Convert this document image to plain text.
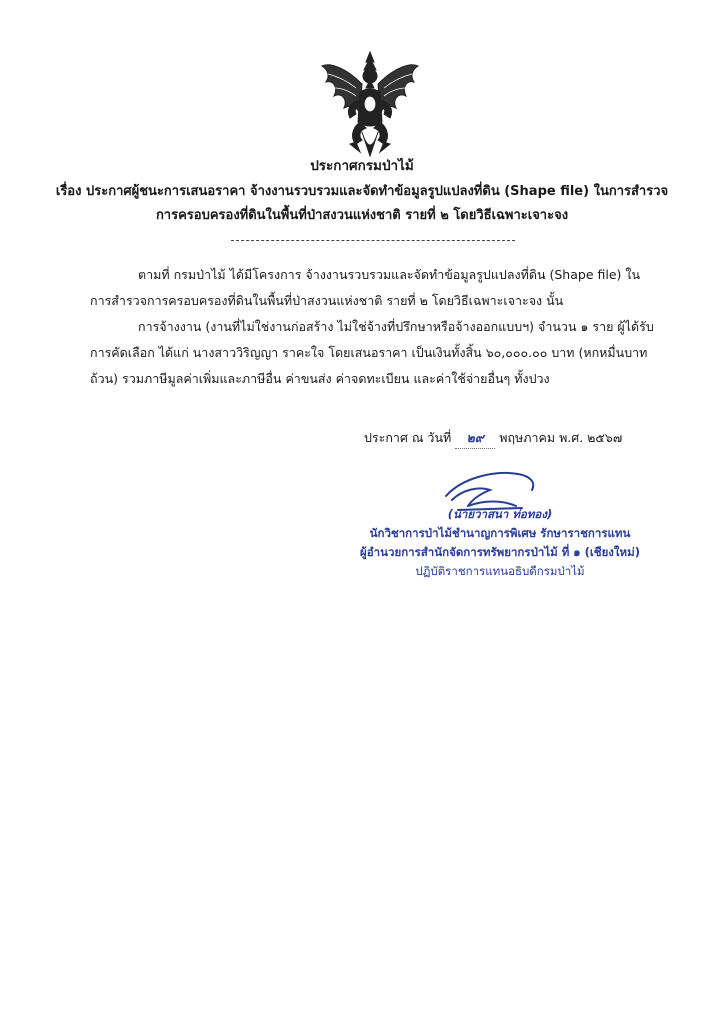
ประกาศกรมป่าไม้
เรื่อง ประกาศผู้ชนะการเสนอราคา จ้างงานรวบรวมและจัดทำข้อมูลรูปแปลงที่ดิน (Shape file) ในการสำรวจ
การครอบครองที่ดินในพื้นที่ป่าสงวนแห่งชาติ รายที่ ๒ โดยวิธีเฉพาะเจาะจง
ตามที่ กรมป่าไม้ ได้มีโครงการ จ้างงานรวบรวมและจัดทำข้อมูลรูปแปลงที่ดิน (Shape file) ในการสำรวจการครอบครองที่ดินในพื้นที่ป่าสงวนแห่งชาติ รายที่ ๒ โดยวิธีเฉพาะเจาะจง นั้น
การจ้างงาน (งานที่ไม่ใช่งานก่อสร้าง ไม่ใช่จ้างที่ปรึกษาหรือจ้างออกแบบฯ) จำนวน ๑ ราย ผู้ได้รับการคัดเลือก ได้แก่ นางสาววิริญญา ราคะใจ โดยเสนอราคา เป็นเงินทั้งสิ้น ๖๐,๐๐๐.๐๐ บาท (หกหมื่นบาทถ้วน) รวมภาษีมูลค่าเพิ่มและภาษีอื่น ค่าขนส่ง ค่าจดทะเบียน และค่าใช้จ่ายอื่นๆ ทั้งปวง
ประกาศ ณ วันที่ ๒๙ พฤษภาคม พ.ศ. ๒๕๖๗
(นายวาสนา ท่อทอง)
นักวิชาการป่าไม้ชำนาญการพิเศษ รักษาราชการแทน
ผู้อำนวยการสำนักจัดการทรัพยากรป่าไม้ ที่ ๑ (เชียงใหม่)
ปฏิบัติราชการแทนอธิบดีกรมป่าไม้
